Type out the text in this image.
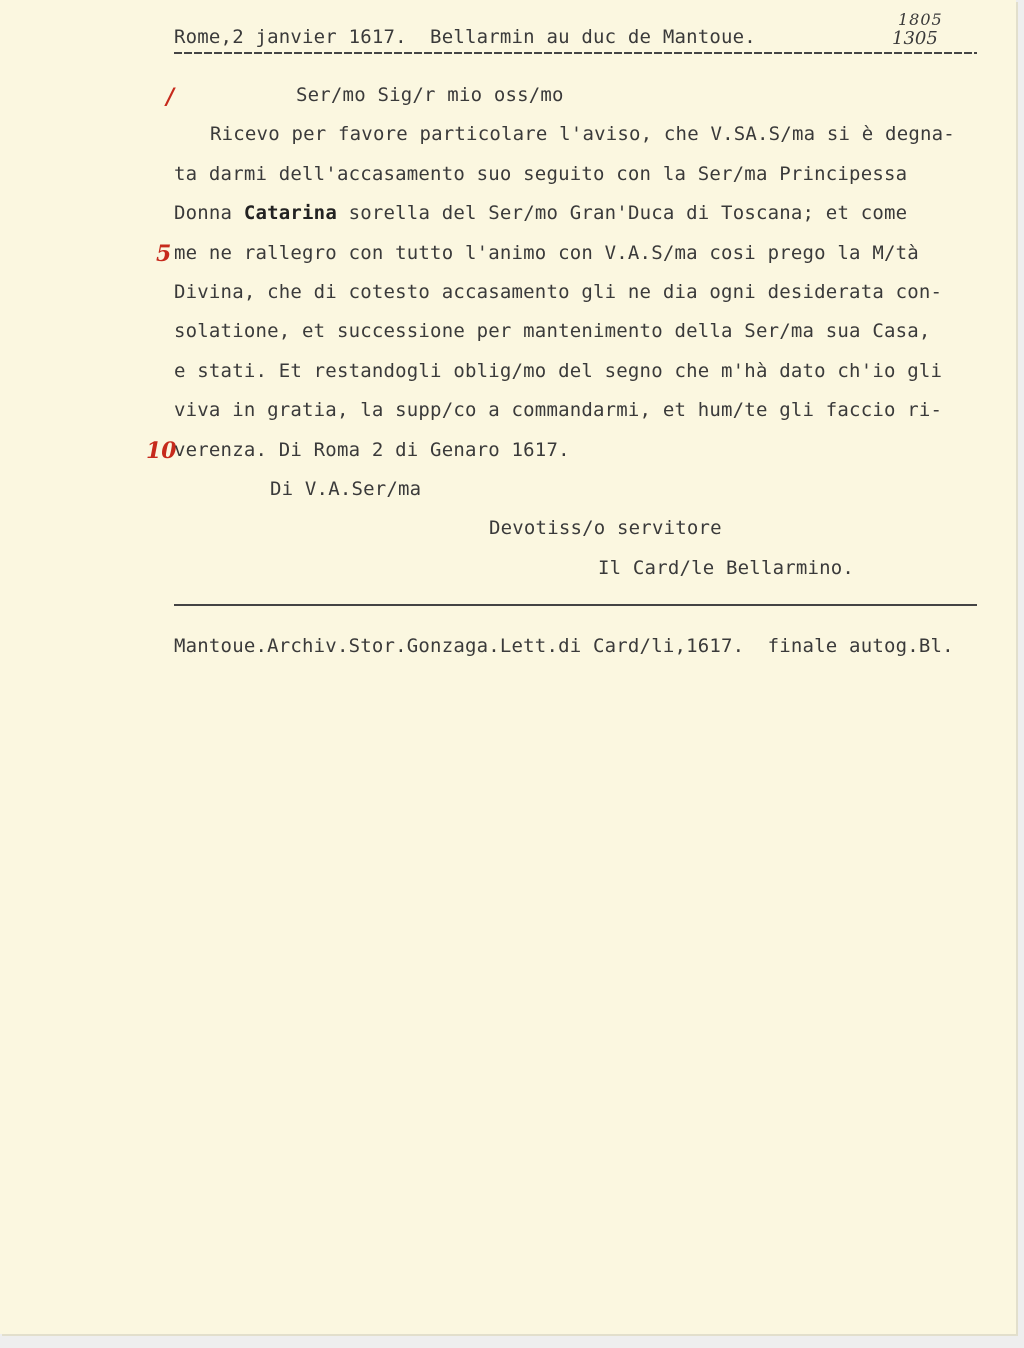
Rome,2 janvier 1617.  Bellarmin au duc de Mantoue.
1805
1305
/
5
10
Ser/mo Sig/r mio oss/mo
Ricevo per favore particolare l'aviso, che V.SA.S/ma si è degna-
ta darmi dell'accasamento suo seguito con la Ser/ma Principessa
Donna Catarina sorella del Ser/mo Gran'Duca di Toscana; et come
me ne rallegro con tutto l'animo con V.A.S/ma cosi prego la M/tà
Divina, che di cotesto accasamento gli ne dia ogni desiderata con-
solatione, et successione per mantenimento della Ser/ma sua Casa,
e stati. Et restandogli oblig/mo del segno che m'hà dato ch'io gli
viva in gratia, la supp/co a commandarmi, et hum/te gli faccio ri-
verenza. Di Roma 2 di Genaro 1617.
Di V.A.Ser/ma
Devotiss/o servitore
Il Card/le Bellarmino.
Mantoue.Archiv.Stor.Gonzaga.Lett.di Card/li,1617.  finale autog.Bl.
